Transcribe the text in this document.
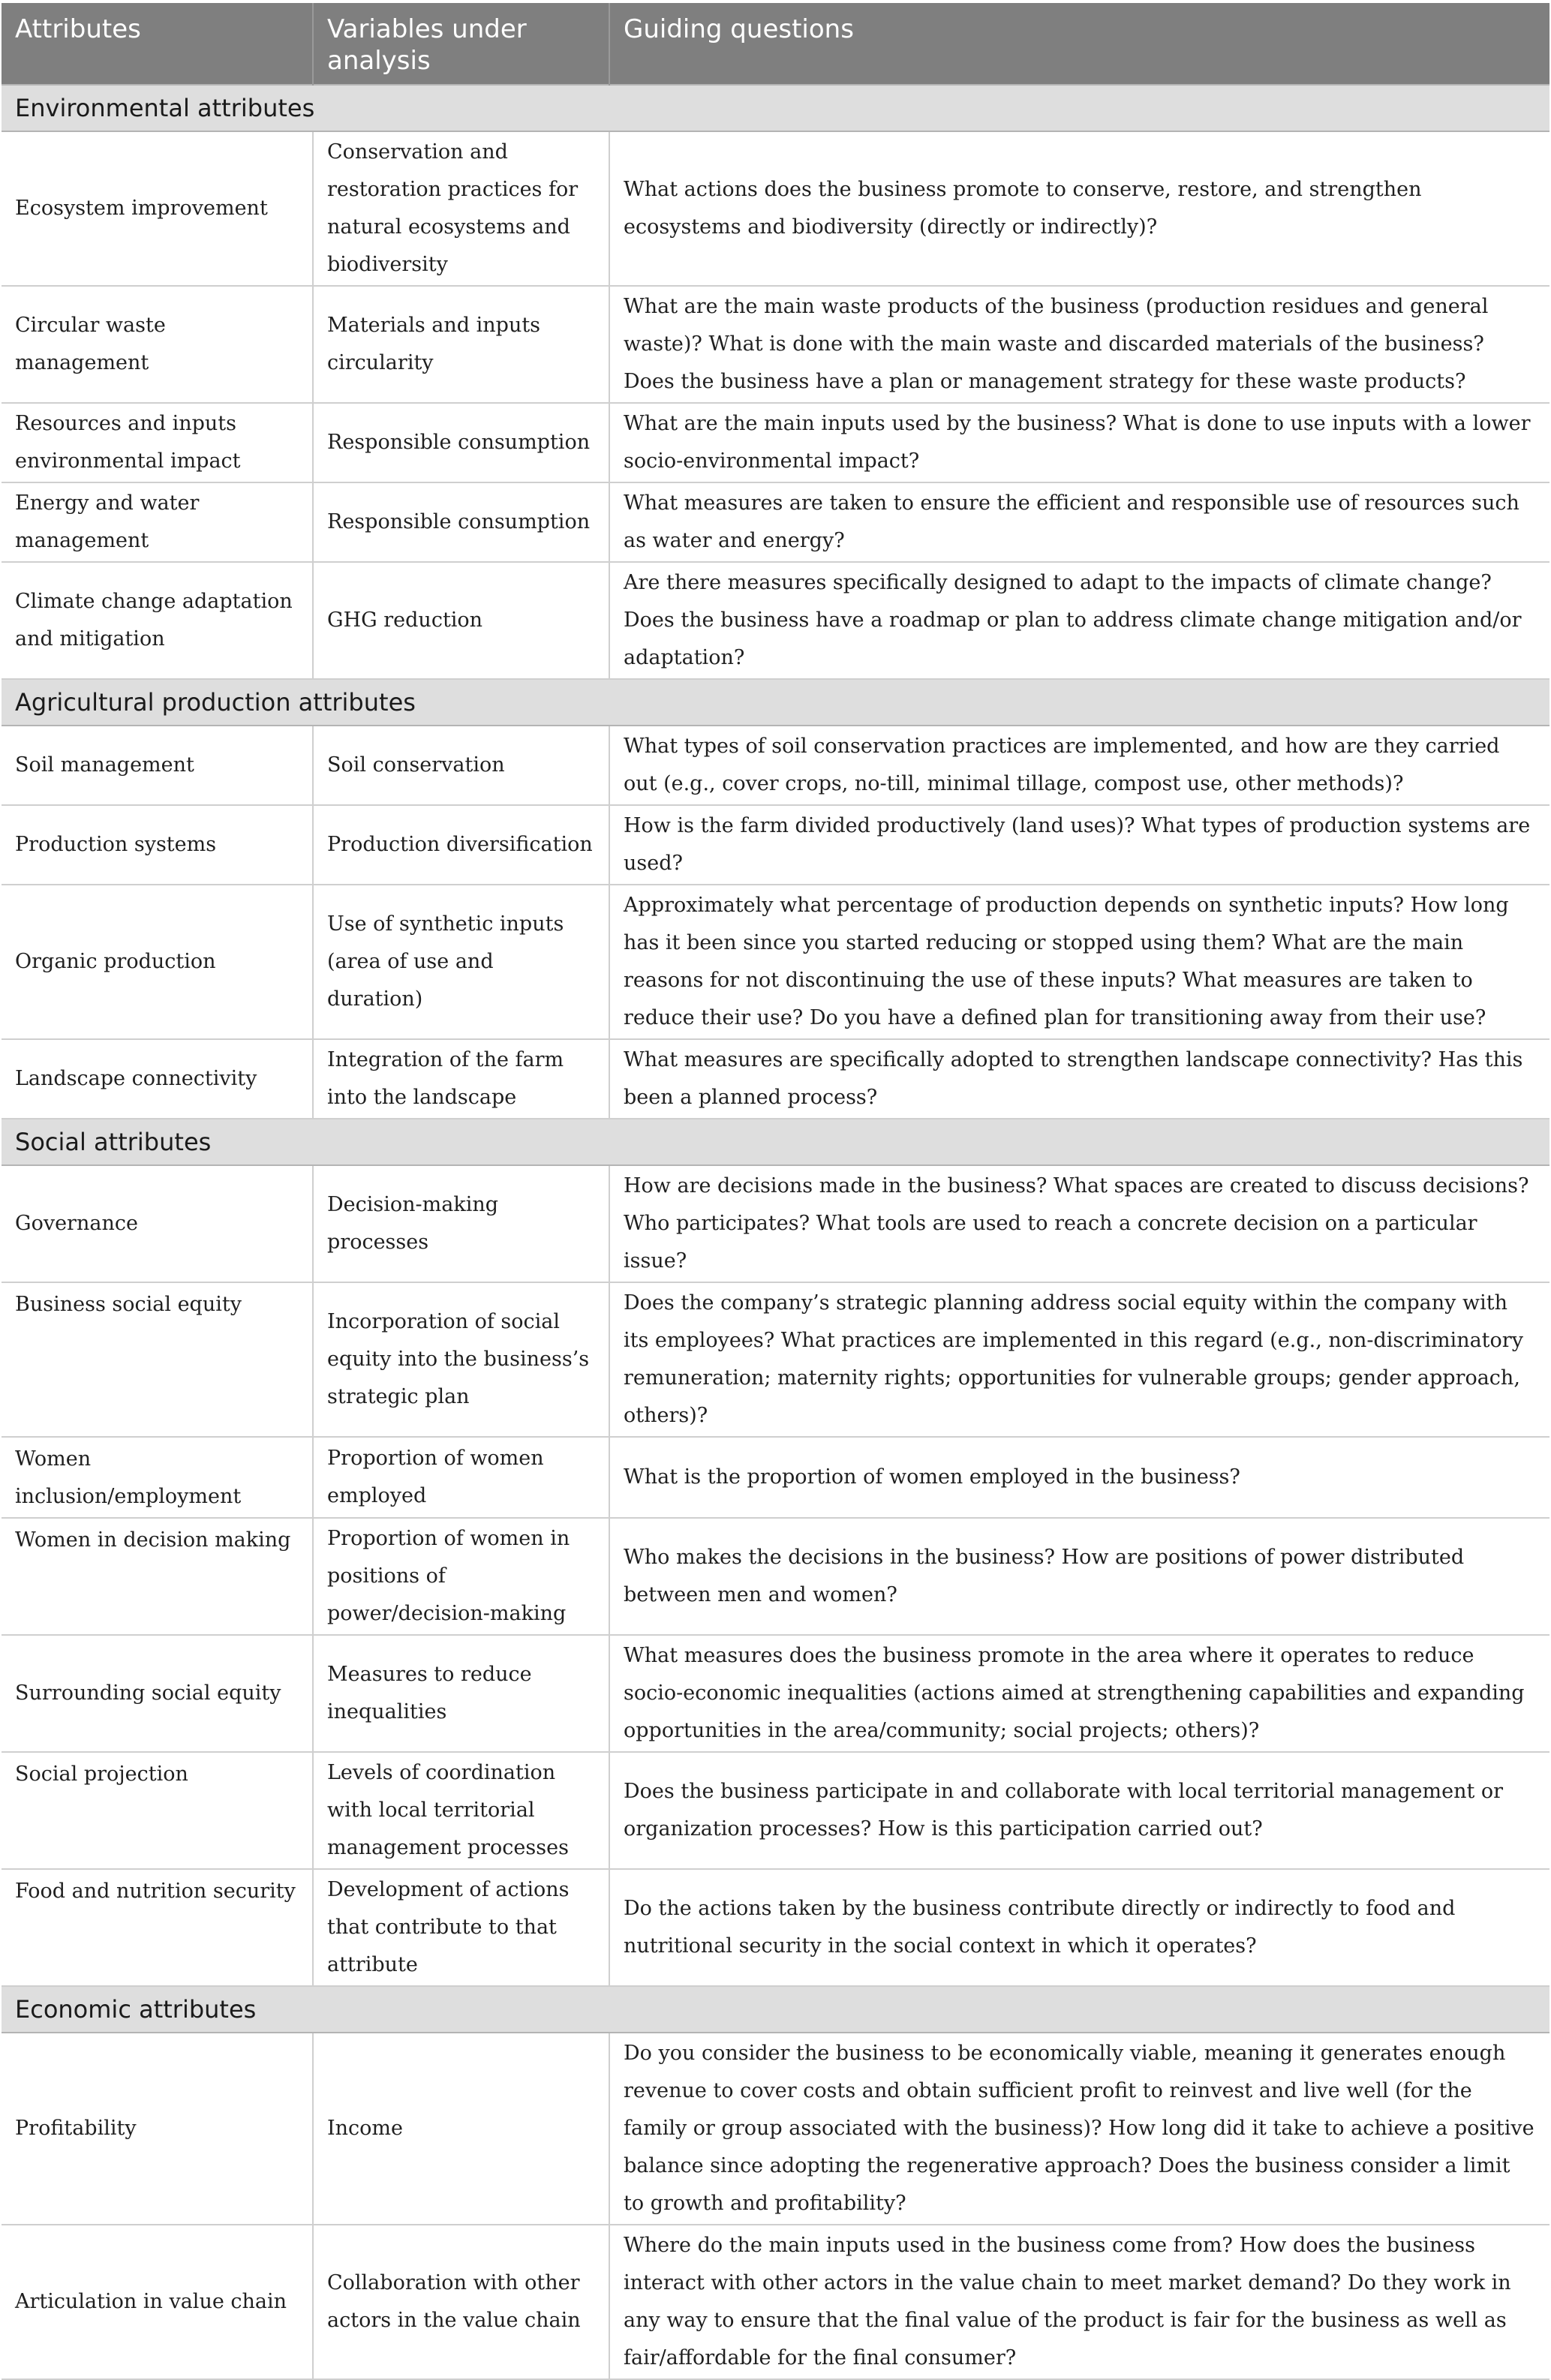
Attributes	Variables under analysis	Guiding questions
Environmental attributes		
Ecosystem improvement	Conservation and restoration practices for natural ecosystems and biodiversity	What actions does the business promote to conserve, restore, and strengthen ecosystems and biodiversity (directly or indirectly)?
Circular waste management	Materials and inputs circularity	What are the main waste products of the business (production residues and general waste)? What is done with the main waste and discarded materials of the business? Does the business have a plan or management strategy for these waste products?
Resources and inputs environmental impact	Responsible consumption	What are the main inputs used by the business? What is done to use inputs with a lower socio-environmental impact?
Energy and water management	Responsible consumption	What measures are taken to ensure the efficient and responsible use of resources such as water and energy?
Climate change adaptation and mitigation	GHG reduction	Are there measures specifically designed to adapt to the impacts of climate change? Does the business have a roadmap or plan to address climate change mitigation and/or adaptation?
Agricultural production attributes		
Soil management	Soil conservation	What types of soil conservation practices are implemented, and how are they carried out (e.g., cover crops, no-till, minimal tillage, compost use, other methods)?
Production systems	Production diversification	How is the farm divided productively (land uses)? What types of production systems are used?
Organic production	Use of synthetic inputs (area of use and duration)	Approximately what percentage of production depends on synthetic inputs? How long has it been since you started reducing or stopped using them? What are the main reasons for not discontinuing the use of these inputs? What measures are taken to reduce their use? Do you have a defined plan for transitioning away from their use?
Landscape connectivity	Integration of the farm into the landscape	What measures are specifically adopted to strengthen landscape connectivity? Has this been a planned process?
Social attributes		
Governance	Decision-making processes	How are decisions made in the business? What spaces are created to discuss decisions? Who participates? What tools are used to reach a concrete decision on a particular issue?
Business social equity	Incorporation of social equity into the business’s strategic plan	Does the company’s strategic planning address social equity within the company with its employees? What practices are implemented in this regard (e.g., non-discriminatory remuneration; maternity rights; opportunities for vulnerable groups; gender approach, others)?
Women inclusion/employment	Proportion of women employed	What is the proportion of women employed in the business?
Women in decision making	Proportion of women in positions of power/decision-making	Who makes the decisions in the business? How are positions of power distributed between men and women?
Surrounding social equity	Measures to reduce inequalities	What measures does the business promote in the area where it operates to reduce socio-economic inequalities (actions aimed at strengthening capabilities and expanding opportunities in the area/community; social projects; others)?
Social projection	Levels of coordination with local territorial management processes	Does the business participate in and collaborate with local territorial management or organization processes? How is this participation carried out?
Food and nutrition security	Development of actions that contribute to that attribute	Do the actions taken by the business contribute directly or indirectly to food and nutritional security in the social context in which it operates?
Economic attributes		
Profitability	Income	Do you consider the business to be economically viable, meaning it generates enough revenue to cover costs and obtain sufficient profit to reinvest and live well (for the family or group associated with the business)? How long did it take to achieve a positive balance since adopting the regenerative approach? Does the business consider a limit to growth and profitability?
Articulation in value chain	Collaboration with other actors in the value chain	Where do the main inputs used in the business come from? How does the business interact with other actors in the value chain to meet market demand? Do they work in any way to ensure that the final value of the product is fair for the business as well as fair/affordable for the final consumer?
